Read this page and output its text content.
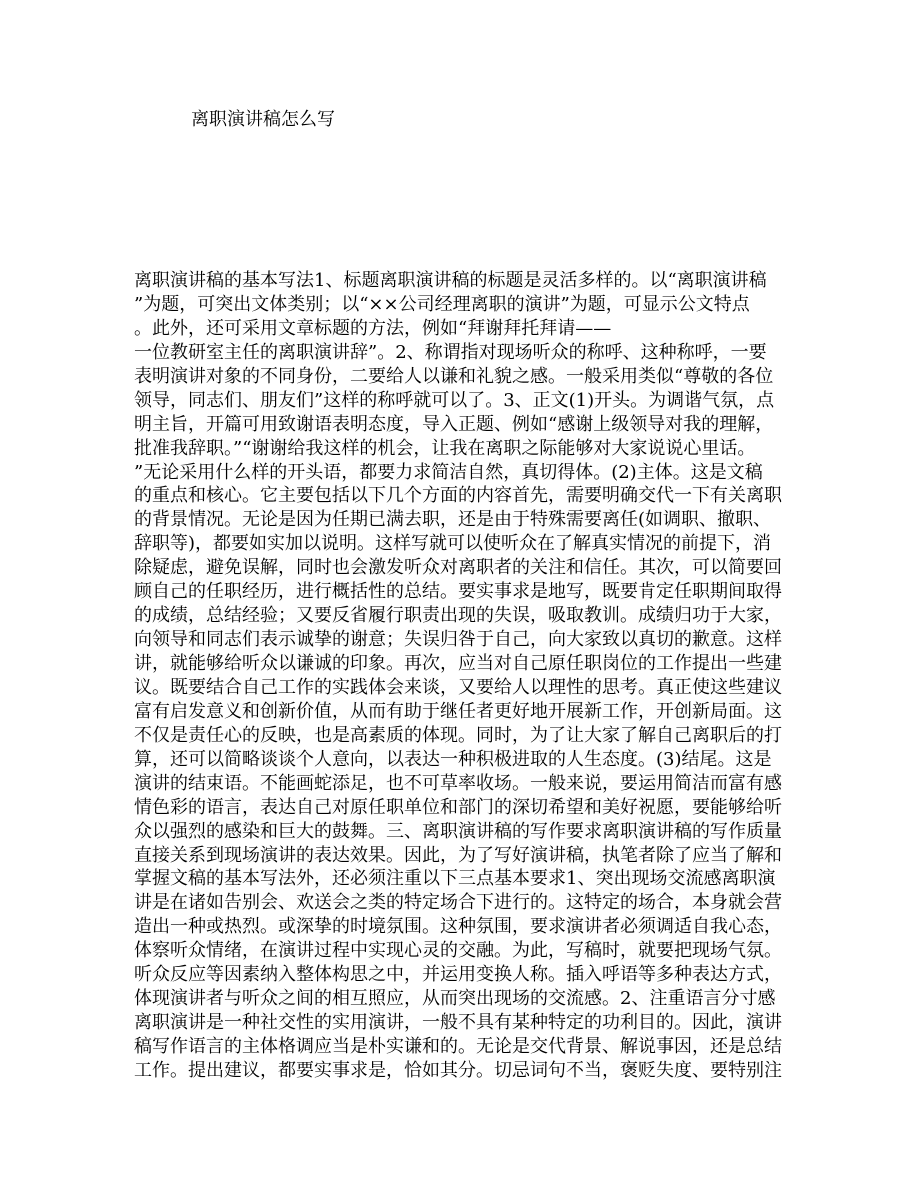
离职演讲稿怎么写
离职演讲稿的基本写法1、标题离职演讲稿的标题是灵活多样的。以“离职演讲稿
”为题，可突出文体类别；以“××公司经理离职的演讲”为题，可显示公文特点
。此外，还可采用文章标题的方法，例如“拜谢拜托拜请——
一位教研室主任的离职演讲辞”。2、称谓指对现场听众的称呼、这种称呼，一要
表明演讲对象的不同身份，二要给人以谦和礼貌之感。一般采用类似“尊敬的各位
领导，同志们、朋友们”这样的称呼就可以了。3、正文(1)开头。为调谐气氛，点
明主旨，开篇可用致谢语表明态度，导入正题、例如“感谢上级领导对我的理解，
批准我辞职。”“谢谢给我这样的机会，让我在离职之际能够对大家说说心里话。
”无论采用什么样的开头语，都要力求简洁自然，真切得体。(2)主体。这是文稿
的重点和核心。它主要包括以下几个方面的内容首先，需要明确交代一下有关离职
的背景情况。无论是因为任期已满去职，还是由于特殊需要离任(如调职、撤职、
辞职等)，都要如实加以说明。这样写就可以使听众在了解真实情况的前提下，消
除疑虑，避免误解，同时也会激发听众对离职者的关注和信任。其次，可以简要回
顾自己的任职经历，进行概括性的总结。要实事求是地写，既要肯定任职期间取得
的成绩，总结经验；又要反省履行职责出现的失误，吸取教训。成绩归功于大家，
向领导和同志们表示诚挚的谢意；失误归咎于自己，向大家致以真切的歉意。这样
讲，就能够给听众以谦诚的印象。再次，应当对自己原任职岗位的工作提出一些建
议。既要结合自己工作的实践体会来谈，又要给人以理性的思考。真正使这些建议
富有启发意义和创新价值，从而有助于继任者更好地开展新工作，开创新局面。这
不仅是责任心的反映，也是高素质的体现。同时，为了让大家了解自己离职后的打
算，还可以简略谈谈个人意向，以表达一种积极进取的人生态度。(3)结尾。这是
演讲的结束语。不能画蛇添足，也不可草率收场。一般来说，要运用简洁而富有感
情色彩的语言，表达自己对原任职单位和部门的深切希望和美好祝愿，要能够给听
众以强烈的感染和巨大的鼓舞。三、离职演讲稿的写作要求离职演讲稿的写作质量
直接关系到现场演讲的表达效果。因此，为了写好演讲稿，执笔者除了应当了解和
掌握文稿的基本写法外，还必须注重以下三点基本要求1、突出现场交流感离职演
讲是在诸如告别会、欢送会之类的特定场合下进行的。这特定的场合，本身就会营
造出一种或热烈。或深挚的时境氛围。这种氛围，要求演讲者必须调适自我心态，
体察听众情绪，在演讲过程中实现心灵的交融。为此，写稿时，就要把现场气氛。
听众反应等因素纳入整体构思之中，并运用变换人称。插入呼语等多种表达方式，
体现演讲者与听众之间的相互照应，从而突出现场的交流感。2、注重语言分寸感
离职演讲是一种社交性的实用演讲，一般不具有某种特定的功利目的。因此，演讲
稿写作语言的主体格调应当是朴实谦和的。无论是交代背景、解说事因，还是总结
工作。提出建议，都要实事求是，恰如其分。切忌词句不当，褒贬失度、要特别注
